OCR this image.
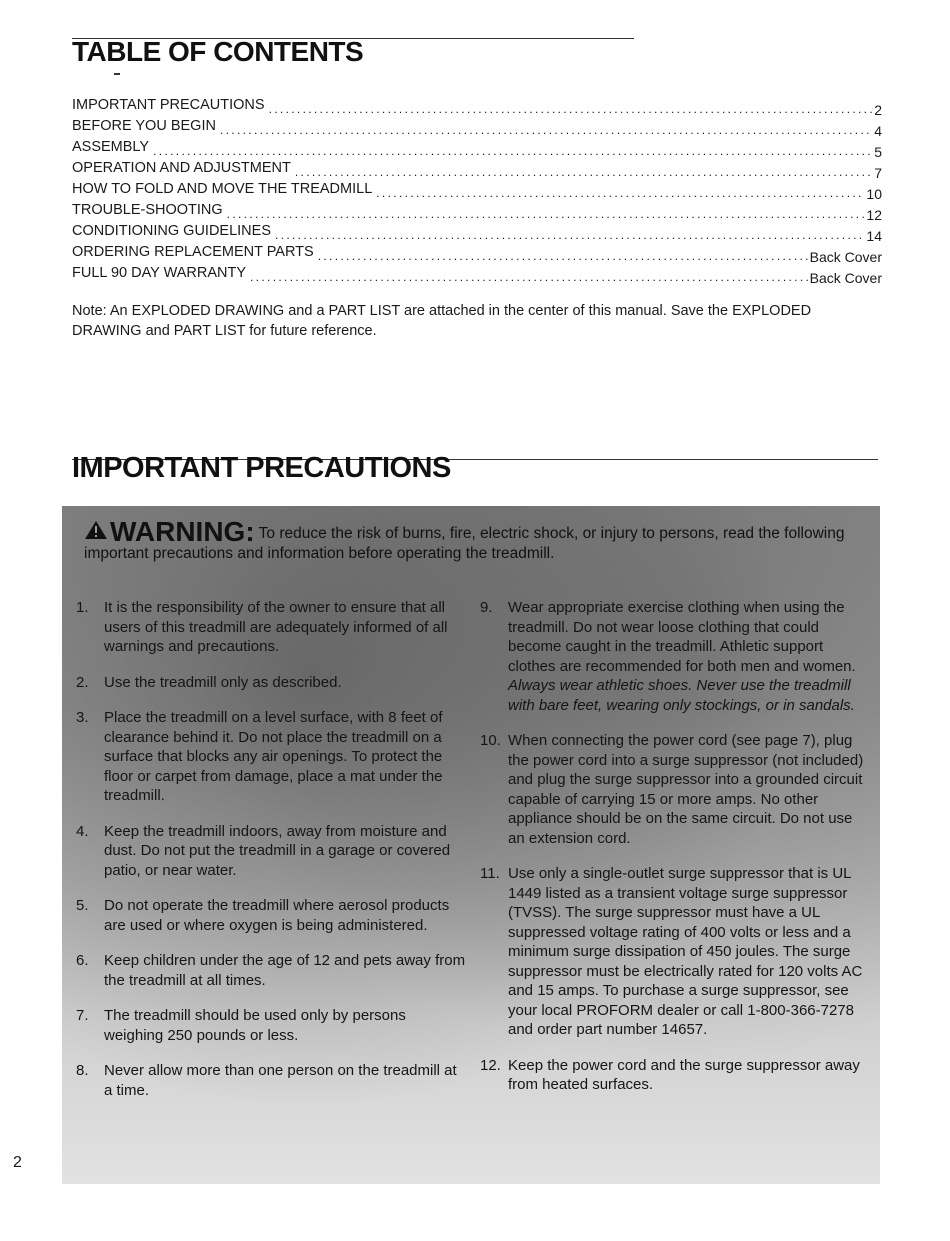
TABLE OF CONTENTS
IMPORTANT PRECAUTIONS . . .	2
BEFORE YOU BEGIN . . .	4
ASSEMBLY . . .	5
OPERATION AND ADJUSTMENT . . .	7
HOW TO FOLD AND MOVE THE TREADMILL . . .	10
TROUBLE-SHOOTING . . .	12
CONDITIONING GUIDELINES . . .	14
ORDERING REPLACEMENT PARTS . . .	Back Cover
FULL 90 DAY WARRANTY . . .	Back Cover
Note: An EXPLODED DRAWING and a PART LIST are attached in the center of this manual. Save the EXPLODED DRAWING and PART LIST for future reference.
IMPORTANT PRECAUTIONS
WARNING: To reduce the risk of burns, fire, electric shock, or injury to persons, read the following important precautions and information before operating the treadmill.
1.	It is the responsibility of the owner to ensure that all users of this treadmill are adequately informed of all warnings and precautions.
2.	Use the treadmill only as described.
3.	Place the treadmill on a level surface, with 8 feet of clearance behind it. Do not place the treadmill on a surface that blocks any air openings. To protect the floor or carpet from damage, place a mat under the treadmill.
4.	Keep the treadmill indoors, away from moisture and dust. Do not put the treadmill in a garage or covered patio, or near water.
5.	Do not operate the treadmill where aerosol products are used or where oxygen is being administered.
6.	Keep children under the age of 12 and pets away from the treadmill at all times.
7.	The treadmill should be used only by persons weighing 250 pounds or less.
8.	Never allow more than one person on the treadmill at a time.
9.	Wear appropriate exercise clothing when using the treadmill. Do not wear loose clothing that could become caught in the treadmill. Athletic support clothes are recommended for both men and women. Always wear athletic shoes. Never use the treadmill with bare feet, wearing only stockings, or in sandals.
10. When connecting the power cord (see page 7), plug the power cord into a surge suppressor (not included) and plug the surge suppressor into a grounded circuit capable of carrying 15 or more amps. No other appliance should be on the same circuit. Do not use an extension cord.
11. Use only a single-outlet surge suppressor that is UL 1449 listed as a transient voltage surge suppressor (TVSS). The surge suppressor must have a UL suppressed voltage rating of 400 volts or less and a minimum surge dissipation of 450 joules. The surge suppressor must be electrically rated for 120 volts AC and 15 amps. To purchase a surge suppressor, see your local PROFORM dealer or call 1-800-366-7278 and order part number 14657.
12. Keep the power cord and the surge suppressor away from heated surfaces.
2
